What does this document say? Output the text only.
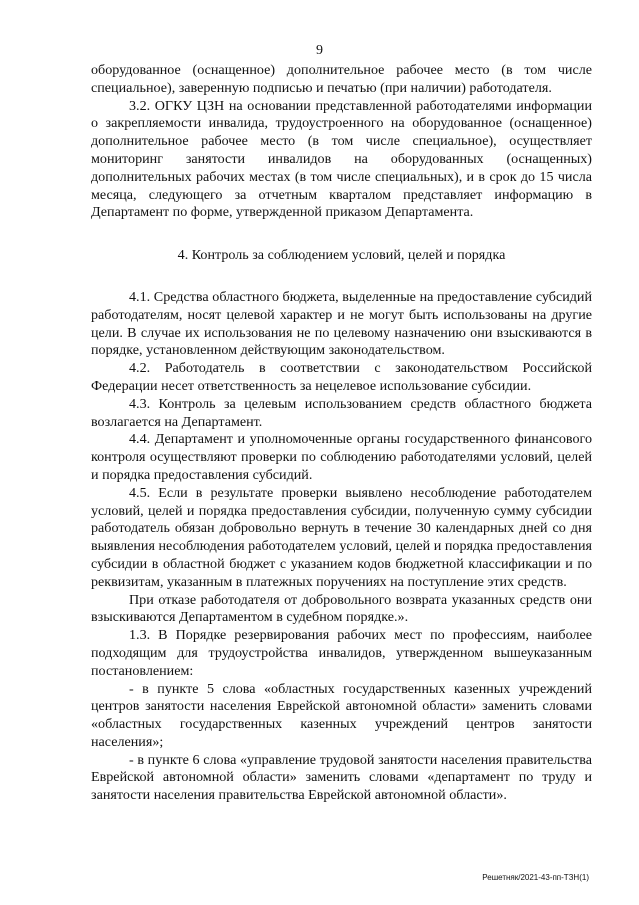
9

оборудованное (оснащенное) дополнительное рабочее место (в том числе специальное), заверенную подписью и печатью (при наличии) работодателя.

3.2. ОГКУ ЦЗН на основании представленной работодателями информации о закрепляемости инвалида, трудоустроенного на оборудованное (оснащенное) дополнительное рабочее место (в том числе специальное), осуществляет мониторинг занятости инвалидов на оборудованных (оснащенных) дополнительных рабочих местах (в том числе специальных), и в срок до 15 числа месяца, следующего за отчетным кварталом представляет информацию в Департамент по форме, утвержденной приказом Департамента.

4. Контроль за соблюдением условий, целей и порядка

4.1. Средства областного бюджета, выделенные на предоставление субсидий работодателям, носят целевой характер и не могут быть использованы на другие цели. В случае их использования не по целевому назначению они взыскиваются в порядке, установленном действующим законодательством.

4.2. Работодатель в соответствии с законодательством Российской Федерации несет ответственность за нецелевое использование субсидии.

4.3. Контроль за целевым использованием средств областного бюджета возлагается на Департамент.

4.4. Департамент и уполномоченные органы государственного финансового контроля осуществляют проверки по соблюдению работодателями условий, целей и порядка предоставления субсидий.

4.5. Если в результате проверки выявлено несоблюдение работодателем условий, целей и порядка предоставления субсидии, полученную сумму субсидии работодатель обязан добровольно вернуть в течение 30 календарных дней со дня выявления несоблюдения работодателем условий, целей и порядка предоставления субсидии в областной бюджет с указанием кодов бюджетной классификации и по реквизитам, указанным в платежных поручениях на поступление этих средств.

При отказе работодателя от добровольного возврата указанных средств они взыскиваются Департаментом в судебном порядке.».

1.3. В Порядке резервирования рабочих мест по профессиям, наиболее подходящим для трудоустройства инвалидов, утвержденном вышеуказанным постановлением:

- в пункте 5 слова «областных государственных казенных учреждений центров занятости населения Еврейской автономной области» заменить словами «областных государственных казенных учреждений центров занятости населения»;

- в пункте 6 слова «управление трудовой занятости населения правительства Еврейской автономной области» заменить словами «департамент по труду и занятости населения правительства Еврейской автономной области».

Решетняк/2021-43-пп-ТЗН(1)
